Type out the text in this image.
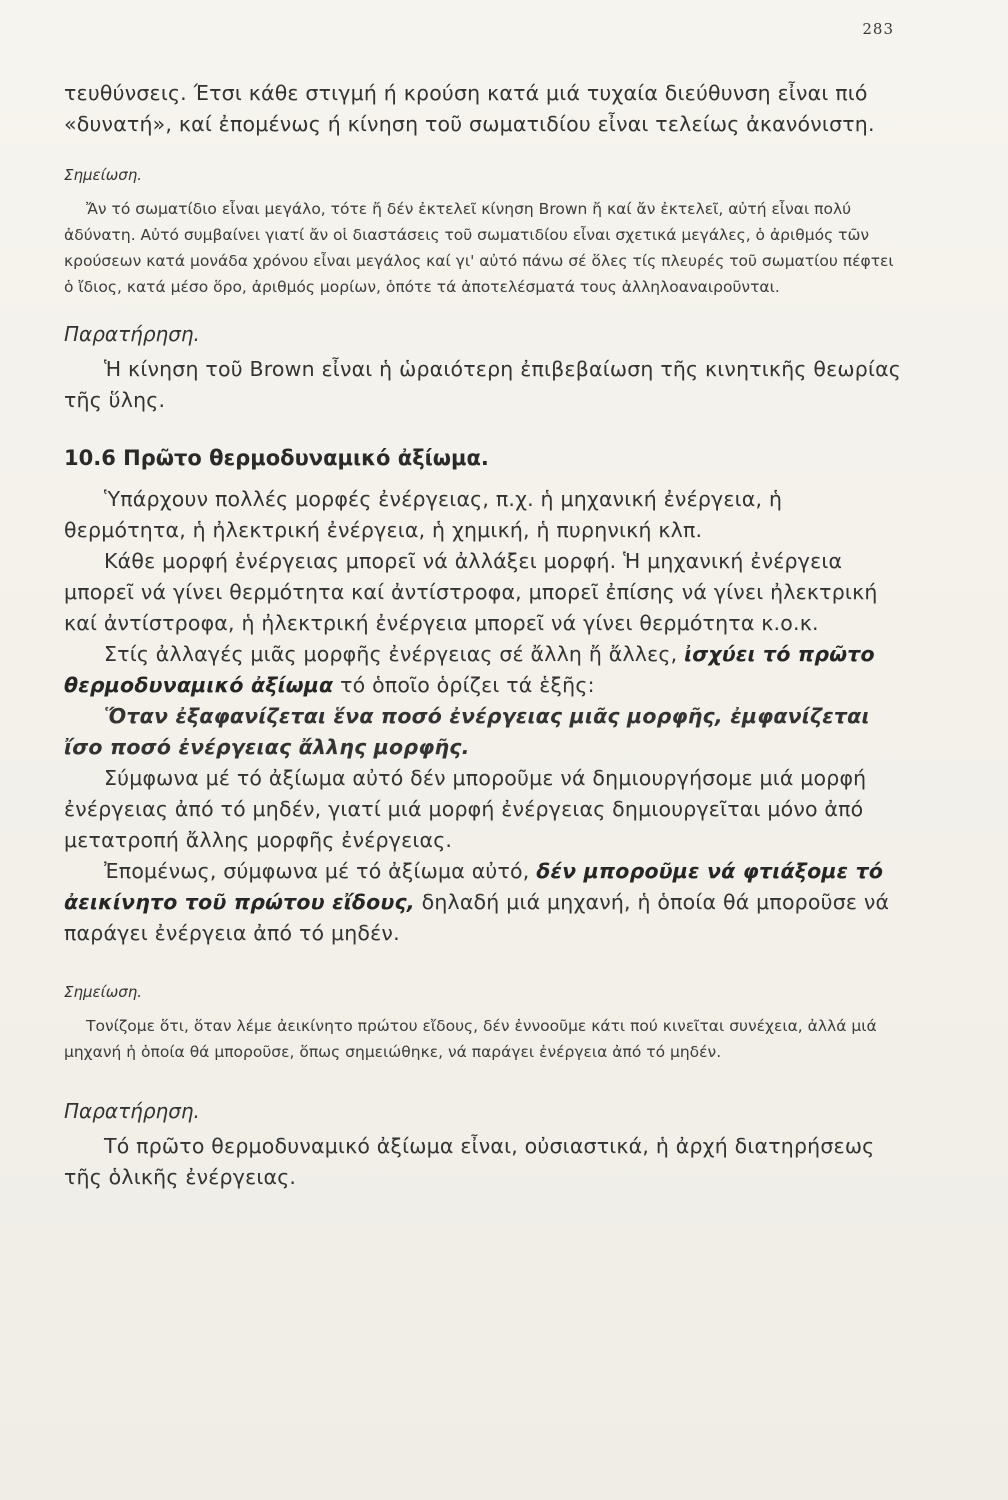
283

τευθύνσεις. Έτσι κάθε στιγμή ή κρούση κατά μιά τυχαία διεύθυνση εἶναι πιό «δυνατή», καί ἐπομένως ή κίνηση τοῦ σωματιδίου εἶναι τελείως ἀκανόνιστη.

Σημείωση.

Ἄν τό σωματίδιο εἶναι μεγάλο, τότε ἤ δέν ἐκτελεῖ κίνηση Brown ἤ καί ἄν ἐκτελεῖ, αὐτή εἶναι πολύ ἀδύνατη. Αὐτό συμβαίνει γιατί ἄν οἱ διαστάσεις τοῦ σωματιδίου εἶναι σχετικά μεγάλες, ὁ ἀριθμός τῶν κρούσεων κατά μονάδα χρόνου εἶναι μεγάλος καί γι' αὐτό πάνω σέ ὅλες τίς πλευρές τοῦ σωματίου πέφτει ὁ ἴδιος, κατά μέσο ὅρο, ἀριθμός μορίων, ὁπότε τά ἀποτελέσματά τους ἀλληλοαναιροῦνται.

Παρατήρηση.

Ἡ κίνηση τοῦ Brown εἶναι ἡ ὡραιότερη ἐπιβεβαίωση τῆς κινητικῆς θεωρίας τῆς ὕλης.

10.6 Πρῶτο θερμοδυναμικό ἀξίωμα.

Ὑπάρχουν πολλές μορφές ἐνέργειας, π.χ. ἡ μηχανική ἐνέργεια, ἡ θερμότητα, ἡ ἠλεκτρική ἐνέργεια, ἡ χημική, ἡ πυρηνική κλπ.

Κάθε μορφή ἐνέργειας μπορεῖ νά ἀλλάξει μορφή. Ἡ μηχανική ἐνέργεια μπορεῖ νά γίνει θερμότητα καί ἀντίστροφα, μπορεῖ ἐπίσης νά γίνει ἠλεκτρική καί ἀντίστροφα, ἡ ἠλεκτρική ἐνέργεια μπορεῖ νά γίνει θερμότητα κ.ο.κ.

Στίς ἀλλαγές μιᾶς μορφῆς ἐνέργειας σέ ἄλλη ἤ ἄλλες, ἰσχύει τό πρῶτο θερμοδυναμικό ἀξίωμα τό ὁποῖο ὁρίζει τά ἑξῆς:

Ὅταν ἐξαφανίζεται ἕνα ποσό ἐνέργειας μιᾶς μορφῆς, ἐμφανίζεται ἴσο ποσό ἐνέργειας ἄλλης μορφῆς.

Σύμφωνα μέ τό ἀξίωμα αὐτό δέν μποροῦμε νά δημιουργήσομε μιά μορφή ἐνέργειας ἀπό τό μηδέν, γιατί μιά μορφή ἐνέργειας δημιουργεῖται μόνο ἀπό μετατροπή ἄλλης μορφῆς ἐνέργειας.

Ἐπομένως, σύμφωνα μέ τό ἀξίωμα αὐτό, δέν μποροῦμε νά φτιάξομε τό ἀεικίνητο τοῦ πρώτου εἴδους, δηλαδή μιά μηχανή, ἡ ὁποία θά μποροῦσε νά παράγει ἐνέργεια ἀπό τό μηδέν.

Σημείωση.

Τονίζομε ὅτι, ὅταν λέμε ἀεικίνητο πρώτου εἴδους, δέν ἐννοοῦμε κάτι πού κινεῖται συνέχεια, ἀλλά μιά μηχανή ἡ ὁποία θά μποροῦσε, ὅπως σημειώθηκε, νά παράγει ἐνέργεια ἀπό τό μηδέν.

Παρατήρηση.

Τό πρῶτο θερμοδυναμικό ἀξίωμα εἶναι, οὐσιαστικά, ἡ ἀρχή διατηρήσεως τῆς ὁλικῆς ἐνέργειας.
